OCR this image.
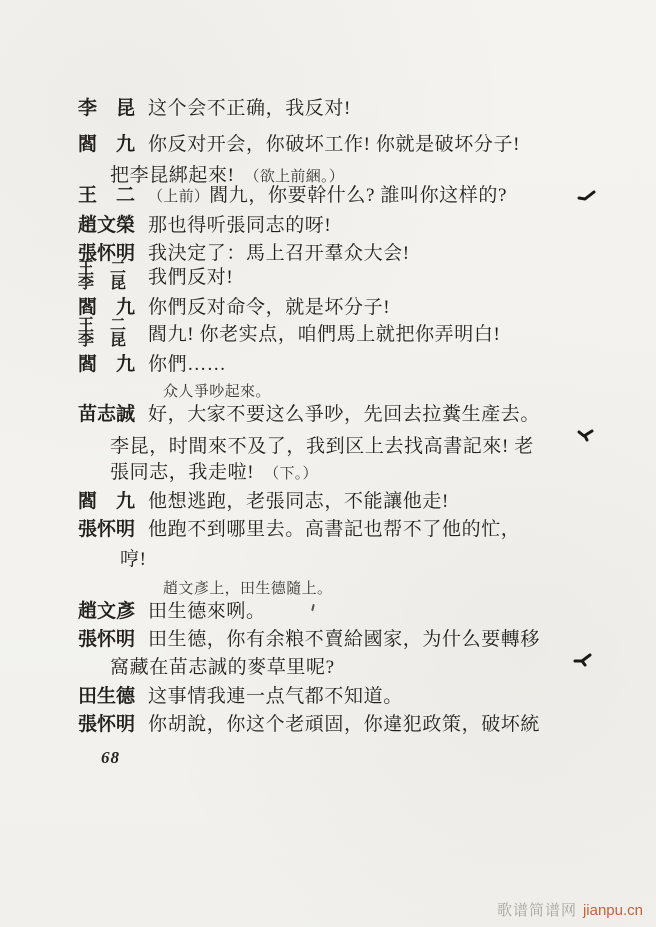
李　昆 这个会不正确，我反对!
閻　九 你反对开会，你破坏工作! 你就是破坏分子!
把李昆綁起來! （欲上前綑。）
王　二 （上前）閻九，你要幹什么? 誰叫你这样的?
趙文榮 那也得听張同志的呀!
張怀明 我決定了：馬上召开羣众大会!
王　二
李　昆 我們反对!
閻　九 你們反对命令，就是坏分子!
王　二
李　昆 閻九! 你老实点，咱們馬上就把你弄明白!
閻　九 你們……
众人爭吵起來。
苗志誠 好，大家不要这么爭吵，先回去拉糞生產去。
李昆，时間來不及了，我到区上去找高書記來! 老
張同志，我走啦! （下。）
閻　九 他想逃跑，老張同志，不能讓他走!
張怀明 他跑不到哪里去。高書記也帮不了他的忙，
哼!
趙文彥上，田生德隨上。
趙文彥 田生德來咧。
張怀明 田生德，你有余粮不賣給國家，为什么要轉移
窩藏在苗志誠的麥草里呢?
田生德 这事情我連一点气都不知道。
張怀明 你胡說，你这个老頑固，你違犯政策，破坏統
68
歌谱简谱网 jianpu.cn
